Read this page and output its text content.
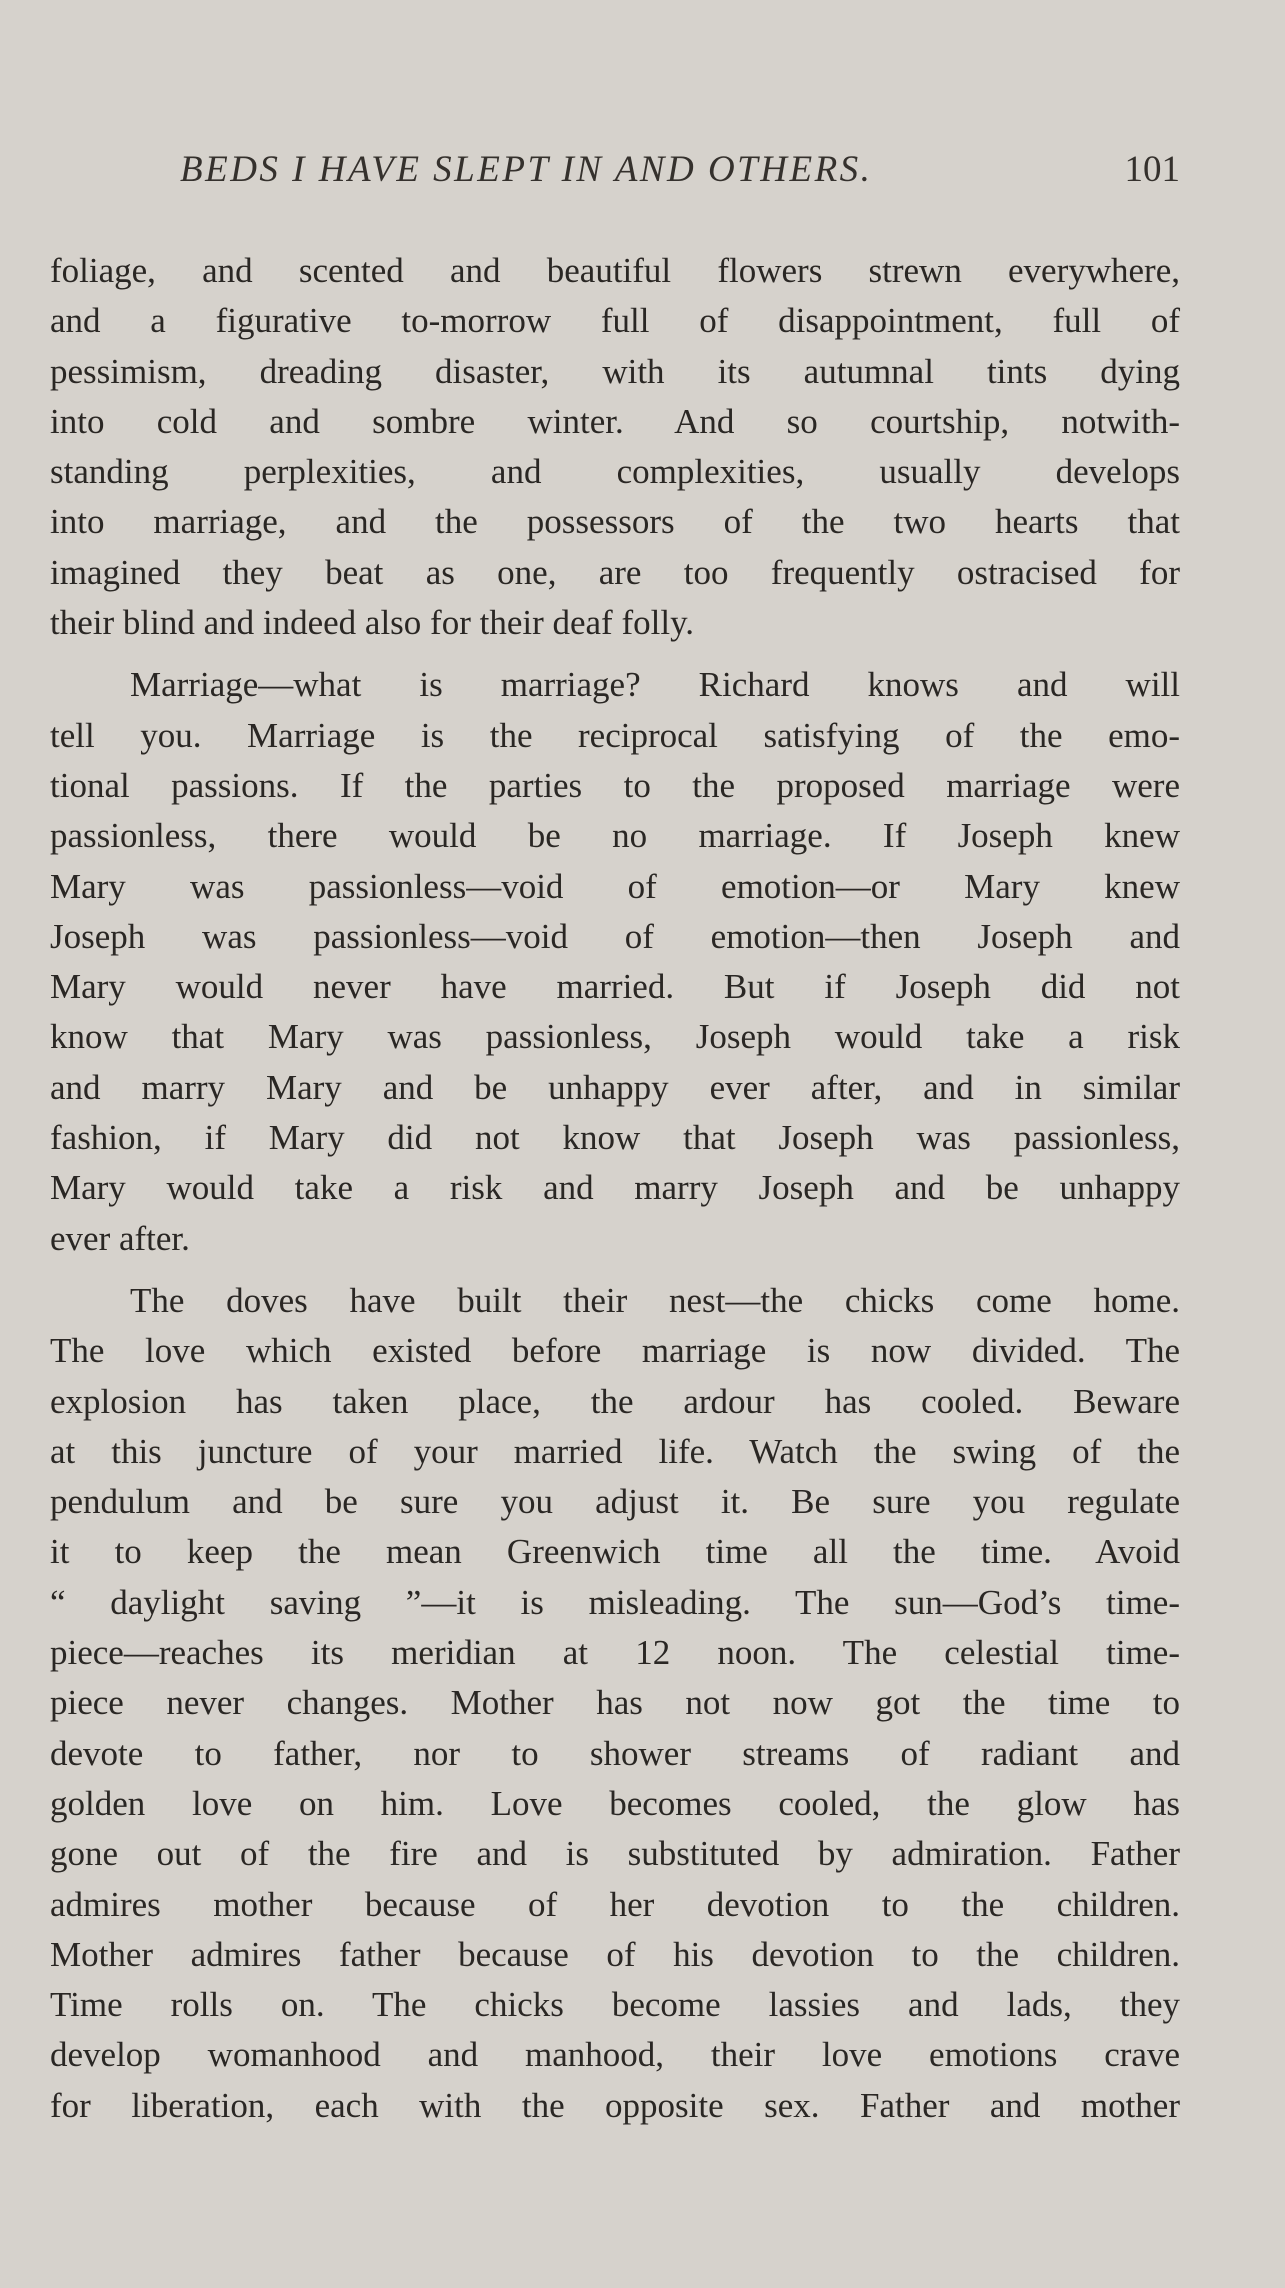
BEDS I HAVE SLEPT IN AND OTHERS.	101
foliage, and scented and beautiful flowers strewn everywhere,
and a figurative to-morrow full of disappointment, full of
pessimism, dreading disaster, with its autumnal tints dying
into cold and sombre winter. And so courtship, notwith-
standing perplexities, and complexities, usually develops
into marriage, and the possessors of the two hearts that
imagined they beat as one, are too frequently ostracised for
their blind and indeed also for their deaf folly.
Marriage—what is marriage? Richard knows and will
tell you. Marriage is the reciprocal satisfying of the emo-
tional passions. If the parties to the proposed marriage were
passionless, there would be no marriage. If Joseph knew
Mary was passionless—void of emotion—or Mary knew
Joseph was passionless—void of emotion—then Joseph and
Mary would never have married. But if Joseph did not
know that Mary was passionless, Joseph would take a risk
and marry Mary and be unhappy ever after, and in similar
fashion, if Mary did not know that Joseph was passionless,
Mary would take a risk and marry Joseph and be unhappy
ever after.
The doves have built their nest—the chicks come home.
The love which existed before marriage is now divided. The
explosion has taken place, the ardour has cooled. Beware
at this juncture of your married life. Watch the swing of the
pendulum and be sure you adjust it. Be sure you regulate
it to keep the mean Greenwich time all the time. Avoid
“ daylight saving ”—it is misleading. The sun—God’s time-
piece—reaches its meridian at 12 noon. The celestial time-
piece never changes. Mother has not now got the time to
devote to father, nor to shower streams of radiant and
golden love on him. Love becomes cooled, the glow has
gone out of the fire and is substituted by admiration. Father
admires mother because of her devotion to the children.
Mother admires father because of his devotion to the children.
Time rolls on. The chicks become lassies and lads, they
develop womanhood and manhood, their love emotions crave
for liberation, each with the opposite sex. Father and mother
